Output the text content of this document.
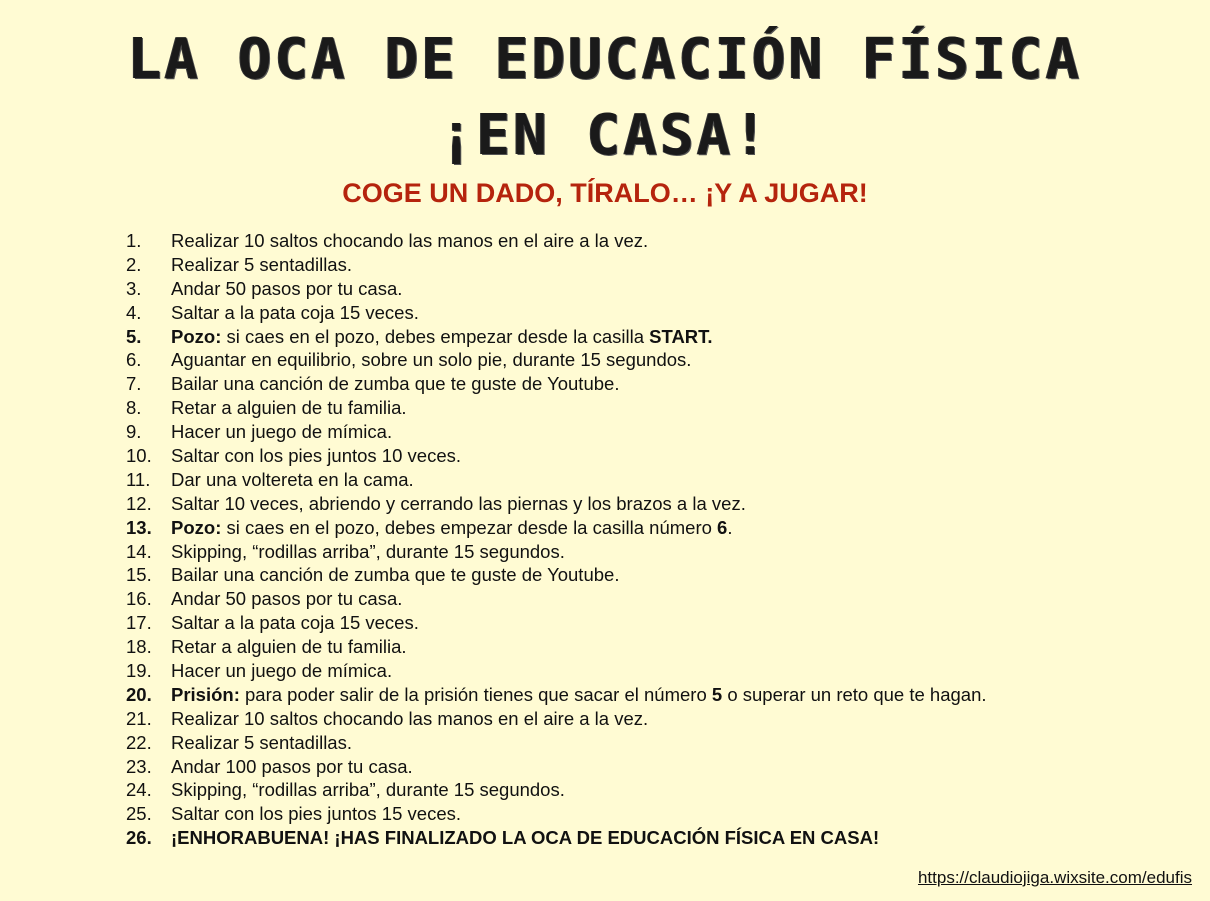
LA OCA DE EDUCACIÓN FÍSICA
¡EN CASA!
COGE UN DADO, TÍRALO… ¡Y A JUGAR!
1.	Realizar 10 saltos chocando las manos en el aire a la vez.
2.	Realizar 5 sentadillas.
3.	Andar 50 pasos por tu casa.
4.	Saltar a la pata coja 15 veces.
5.	Pozo: si caes en el pozo, debes empezar desde la casilla START.
6.	Aguantar en equilibrio, sobre un solo pie, durante 15 segundos.
7.	Bailar una canción de zumba que te guste de Youtube.
8.	Retar a alguien de tu familia.
9.	Hacer un juego de mímica.
10.	Saltar con los pies juntos 10 veces.
11.	Dar una voltereta en la cama.
12.	Saltar 10 veces, abriendo y cerrando las piernas y los brazos a la vez.
13.	Pozo: si caes en el pozo, debes empezar desde la casilla número 6.
14.	Skipping, “rodillas arriba”, durante 15 segundos.
15.	Bailar una canción de zumba que te guste de Youtube.
16.	Andar 50 pasos por tu casa.
17.	Saltar a la pata coja 15 veces.
18.	Retar a alguien de tu familia.
19.	Hacer un juego de mímica.
20.	Prisión: para poder salir de la prisión tienes que sacar el número 5 o superar un reto que te hagan.
21.	Realizar 10 saltos chocando las manos en el aire a la vez.
22.	Realizar 5 sentadillas.
23.	Andar 100 pasos por tu casa.
24.	Skipping, “rodillas arriba”, durante 15 segundos.
25.	Saltar con los pies juntos 15 veces.
26.	¡ENHORABUENA! ¡HAS FINALIZADO LA OCA DE EDUCACIÓN FÍSICA EN CASA!
https://claudiojiga.wixsite.com/edufis
